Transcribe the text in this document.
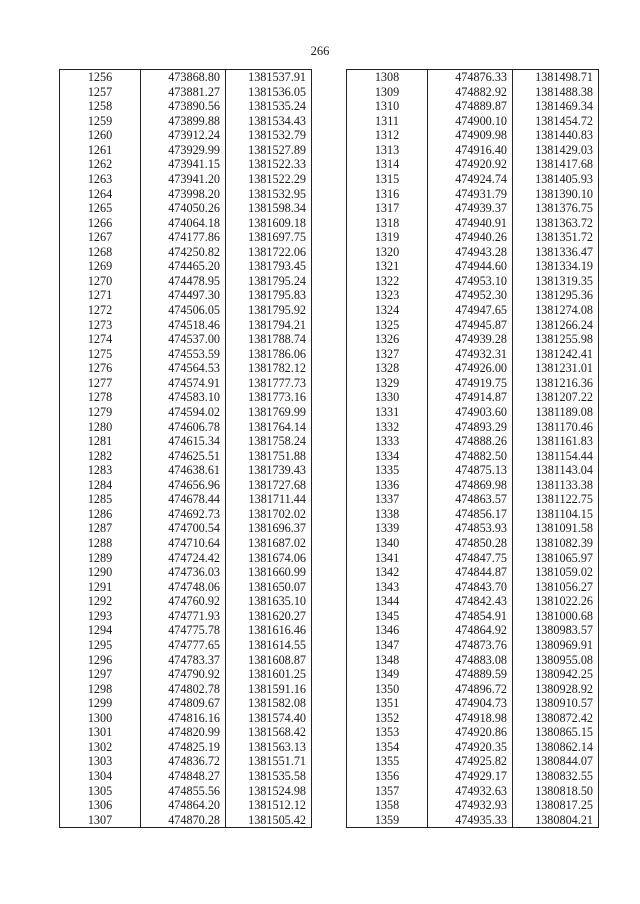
266
1256	473868.80	1381537.91
1257	473881.27	1381536.05
1258	473890.56	1381535.24
1259	473899.88	1381534.43
1260	473912.24	1381532.79
1261	473929.99	1381527.89
1262	473941.15	1381522.33
1263	473941.20	1381522.29
1264	473998.20	1381532.95
1265	474050.26	1381598.34
1266	474064.18	1381609.18
1267	474177.86	1381697.75
1268	474250.82	1381722.06
1269	474465.20	1381793.45
1270	474478.95	1381795.24
1271	474497.30	1381795.83
1272	474506.05	1381795.92
1273	474518.46	1381794.21
1274	474537.00	1381788.74
1275	474553.59	1381786.06
1276	474564.53	1381782.12
1277	474574.91	1381777.73
1278	474583.10	1381773.16
1279	474594.02	1381769.99
1280	474606.78	1381764.14
1281	474615.34	1381758.24
1282	474625.51	1381751.88
1283	474638.61	1381739.43
1284	474656.96	1381727.68
1285	474678.44	1381711.44
1286	474692.73	1381702.02
1287	474700.54	1381696.37
1288	474710.64	1381687.02
1289	474724.42	1381674.06
1290	474736.03	1381660.99
1291	474748.06	1381650.07
1292	474760.92	1381635.10
1293	474771.93	1381620.27
1294	474775.78	1381616.46
1295	474777.65	1381614.55
1296	474783.37	1381608.87
1297	474790.92	1381601.25
1298	474802.78	1381591.16
1299	474809.67	1381582.08
1300	474816.16	1381574.40
1301	474820.99	1381568.42
1302	474825.19	1381563.13
1303	474836.72	1381551.71
1304	474848.27	1381535.58
1305	474855.56	1381524.98
1306	474864.20	1381512.12
1307	474870.28	1381505.42
1308	474876.33	1381498.71
1309	474882.92	1381488.38
1310	474889.87	1381469.34
1311	474900.10	1381454.72
1312	474909.98	1381440.83
1313	474916.40	1381429.03
1314	474920.92	1381417.68
1315	474924.74	1381405.93
1316	474931.79	1381390.10
1317	474939.37	1381376.75
1318	474940.91	1381363.72
1319	474940.26	1381351.72
1320	474943.28	1381336.47
1321	474944.60	1381334.19
1322	474953.10	1381319.35
1323	474952.30	1381295.36
1324	474947.65	1381274.08
1325	474945.87	1381266.24
1326	474939.28	1381255.98
1327	474932.31	1381242.41
1328	474926.00	1381231.01
1329	474919.75	1381216.36
1330	474914.87	1381207.22
1331	474903.60	1381189.08
1332	474893.29	1381170.46
1333	474888.26	1381161.83
1334	474882.50	1381154.44
1335	474875.13	1381143.04
1336	474869.98	1381133.38
1337	474863.57	1381122.75
1338	474856.17	1381104.15
1339	474853.93	1381091.58
1340	474850.28	1381082.39
1341	474847.75	1381065.97
1342	474844.87	1381059.02
1343	474843.70	1381056.27
1344	474842.43	1381022.26
1345	474854.91	1381000.68
1346	474864.92	1380983.57
1347	474873.76	1380969.91
1348	474883.08	1380955.08
1349	474889.59	1380942.25
1350	474896.72	1380928.92
1351	474904.73	1380910.57
1352	474918.98	1380872.42
1353	474920.86	1380865.15
1354	474920.35	1380862.14
1355	474925.82	1380844.07
1356	474929.17	1380832.55
1357	474932.63	1380818.50
1358	474932.93	1380817.25
1359	474935.33	1380804.21
